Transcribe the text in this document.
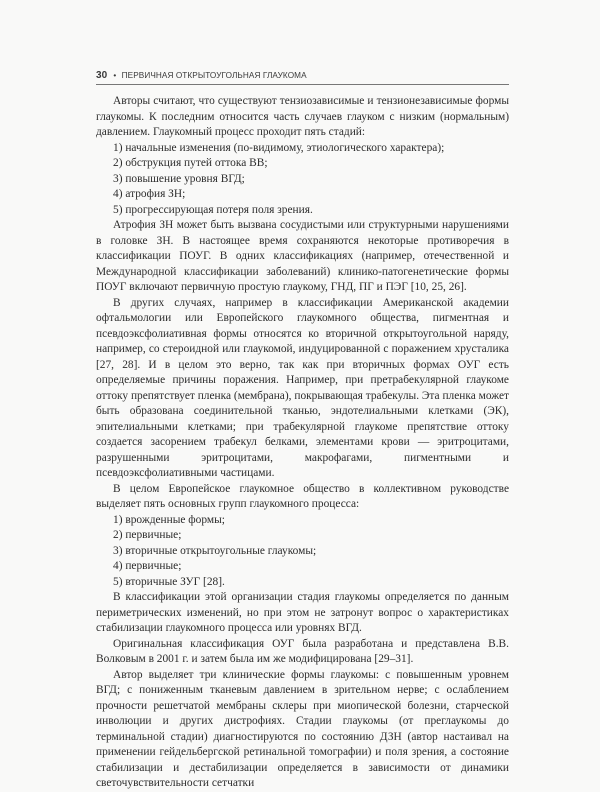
30 • ПЕРВИЧНАЯ ОТКРЫТОУГОЛЬНАЯ ГЛАУКОМА

Авторы считают, что существуют тензиозависимые и тензионезависимые формы глаукомы. К последним относится часть случаев глауком с низким (нормальным) давлением. Глаукомный процесс проходит пять стадий:

1) начальные изменения (по-видимому, этиологического характера);
2) обструкция путей оттока ВВ;
3) повышение уровня ВГД;
4) атрофия ЗН;
5) прогрессирующая потеря поля зрения.

Атрофия ЗН может быть вызвана сосудистыми или структурными нарушениями в головке ЗН. В настоящее время сохраняются некоторые противоречия в классификации ПОУГ. В одних классификациях (например, отечественной и Международной классификации заболеваний) клинико-патогенетические формы ПОУГ включают первичную простую глаукому, ГНД, ПГ и ПЭГ [10, 25, 26].

В других случаях, например в классификации Американской академии офтальмологии или Европейского глаукомного общества, пигментная и псевдоэксфолиативная формы относятся ко вторичной открытоугольной наряду, например, со стероидной или глаукомой, индуцированной с поражением хрусталика [27, 28]. И в целом это верно, так как при вторичных формах ОУГ есть определяемые причины поражения. Например, при претрабекулярной глаукоме оттоку препятствует пленка (мембрана), покрывающая трабекулы. Эта пленка может быть образована соединительной тканью, эндотелиальными клетками (ЭК), эпителиальными клетками; при трабекулярной глаукоме препятствие оттоку создается засорением трабекул белками, элементами крови — эритроцитами, разрушенными эритроцитами, макрофагами, пигментными и псевдоэксфолиативными частицами.

В целом Европейское глаукомное общество в коллективном руководстве выделяет пять основных групп глаукомного процесса:

1) врожденные формы;
2) первичные;
3) вторичные открытоугольные глаукомы;
4) первичные;
5) вторичные ЗУГ [28].

В классификации этой организации стадия глаукомы определяется по данным периметрических изменений, но при этом не затронут вопрос о характеристиках стабилизации глаукомного процесса или уровнях ВГД.

Оригинальная классификация ОУГ была разработана и представлена В.В. Волковым в 2001 г. и затем была им же модифицирована [29–31].

Автор выделяет три клинические формы глаукомы: с повышенным уровнем ВГД; с пониженным тканевым давлением в зрительном нерве; с ослаблением прочности решетчатой мембраны склеры при миопической болезни, старческой инволюции и других дистрофиях. Стадии глаукомы (от преглаукомы до терминальной стадии) диагностируются по состоянию ДЗН (автор настаивал на применении гейдельбергской ретинальной томографии) и поля зрения, а состояние стабилизации и дестабилизации определяется в зависимости от динамики светочувствительности сетчатки
